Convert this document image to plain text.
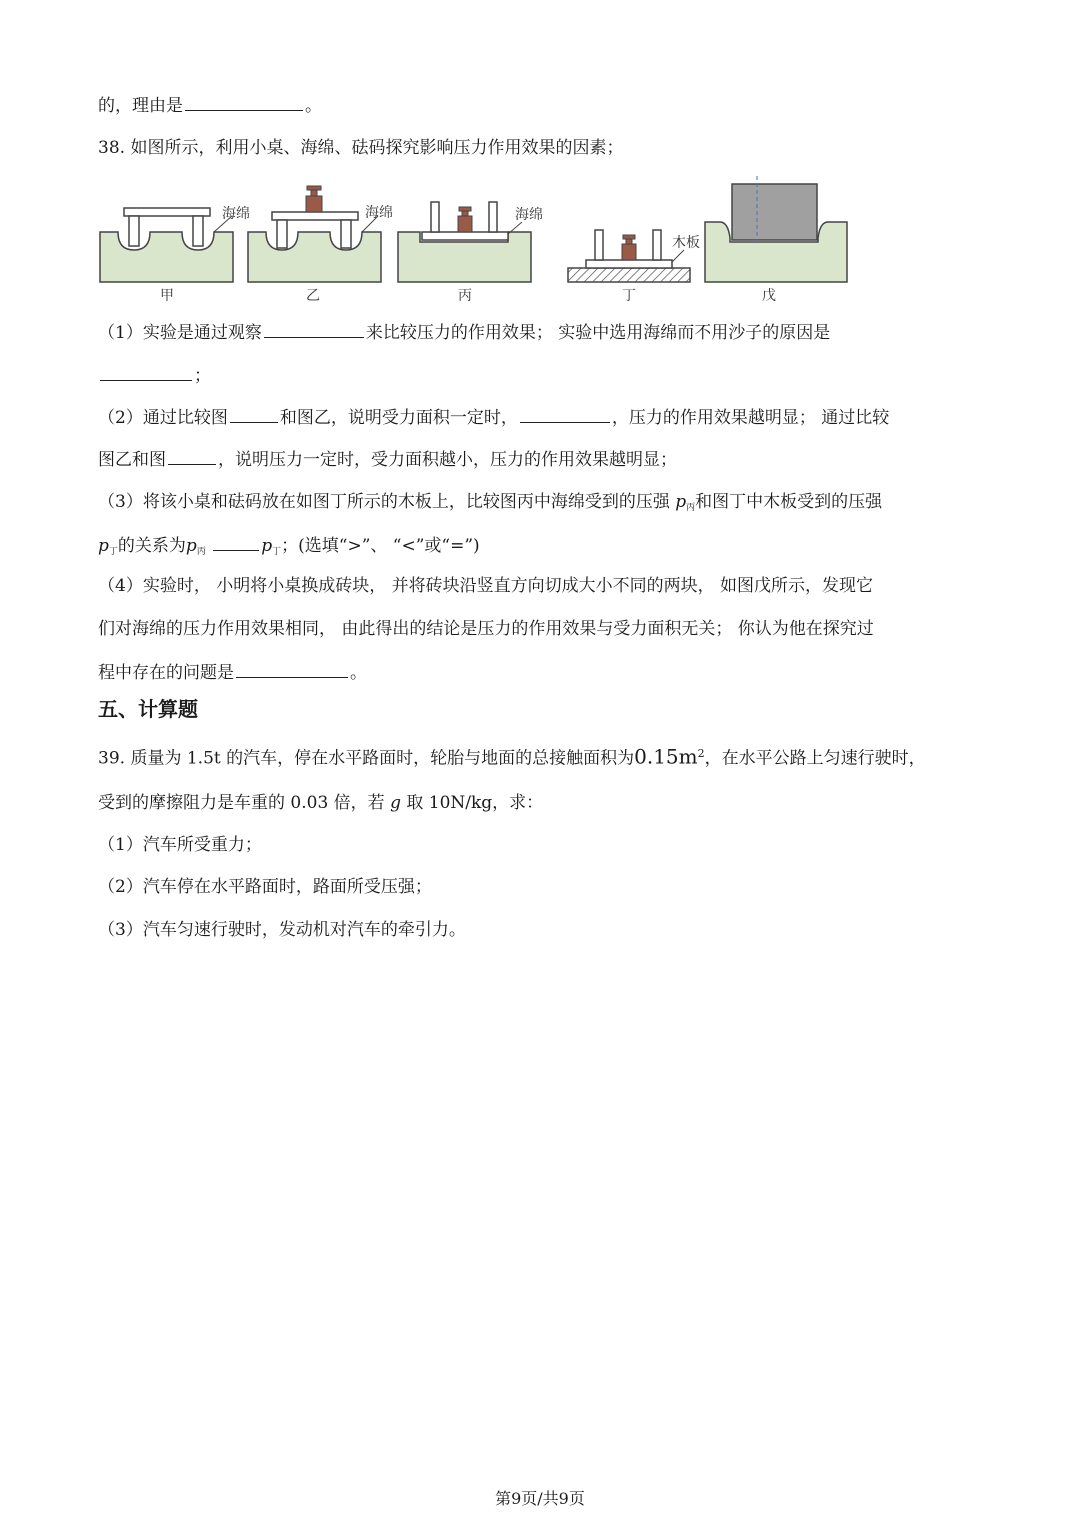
的，理由是	。
38. 如图所示，利用小桌、海绵、砝码探究影响压力作用效果的因素；
海绵
甲
海绵
乙
海绵
丙
木板
丁	戊
（1）实验是通过观察	来比较压力的作用效果； 实验中选用海绵而不用沙子的原因是
；
（2）通过比较图	和图乙，说明受力面积一定时，	，压力的作用效果越明显； 通过比较
图乙和图	，说明压力一定时，受力面积越小，压力的作用效果越明显；
（3）将该小桌和砝码放在如图丁所示的木板上，比较图丙中海绵受到的压强 $p_丙$和图丁中木板受到的压强
$p_丁$的关系为$p_丙$	$p_丁$；(选填“>”、 “<”或“=”)
（4）实验时， 小明将小桌换成砖块， 并将砖块沿竖直方向切成大小不同的两块， 如图戊所示，发现它
们对海绵的压力作用效果相同， 由此得出的结论是压力的作用效果与受力面积无关； 你认为他在探究过
程中存在的问题是	。
五、计算题
39. 质量为 1.5t 的汽车，停在水平路面时，轮胎与地面的总接触面积为$0.15m^2$，在水平公路上匀速行驶时，
受到的摩擦阻力是车重的 0.03 倍，若 g 取 10N/kg，求：
（1）汽车所受重力；
（2）汽车停在水平路面时，路面所受压强；
（3）汽车匀速行驶时，发动机对汽车的牵引力。
第9页/共9页
